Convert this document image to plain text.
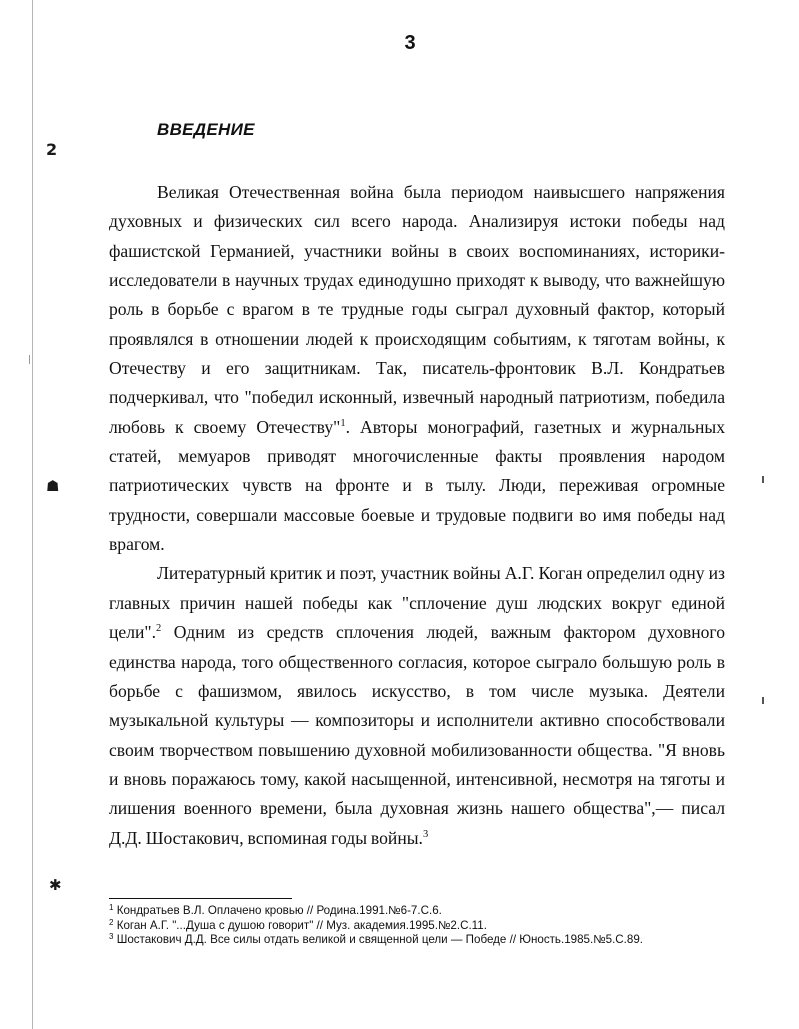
3
ВВЕДЕНИЕ

Великая Отечественная война была периодом наивысшего напряжения духовных и физических сил всего народа. Анализируя истоки победы над фашистской Германией, участники войны в своих воспоминаниях, историки-исследователи в научных трудах единодушно приходят к выводу, что важнейшую роль в борьбе с врагом в те трудные годы сыграл духовный фактор, который проявлялся в отношении людей к происходящим событиям, к тяготам войны, к Отечеству и его защитникам. Так, писатель-фронтовик В.Л. Кондратьев подчеркивал, что "победил исконный, извечный народный патриотизм, победила любовь к своему Отечеству"$^1$. Авторы монографий, газетных и журнальных статей, мемуаров приводят многочисленные факты проявления народом патриотических чувств на фронте и в тылу. Люди, переживая огромные трудности, совершали массовые боевые и трудовые подвиги во имя победы над врагом.

Литературный критик и поэт, участник войны А.Г. Коган определил одну из главных причин нашей победы как "сплочение душ людских вокруг единой цели".$^2$ Одним из средств сплочения людей, важным фактором духовного единства народа, того общественного согласия, которое сыграло большую роль в борьбе с фашизмом, явилось искусство, в том числе музыка. Деятели музыкальной культуры — композиторы и исполнители активно способствовали своим творчеством повышению духовной мобилизованности общества. "Я вновь и вновь поражаюсь тому, какой насыщенной, интенсивной, несмотря на тяготы и лишения военного времени, была духовная жизнь нашего общества",— писал Д.Д. Шостакович, вспоминая годы войны.$^3$

$^1$ Кондратьев В.Л. Оплачено кровью // Родина.1991.№6-7.С.6.
$^2$ Коган А.Г. "...Душа с душою говорит" // Муз. академия.1995.№2.С.11.
$^3$ Шостакович Д.Д. Все силы отдать великой и священной цели — Победе // Юность.1985.№5.С.89.
2
☗
✱
